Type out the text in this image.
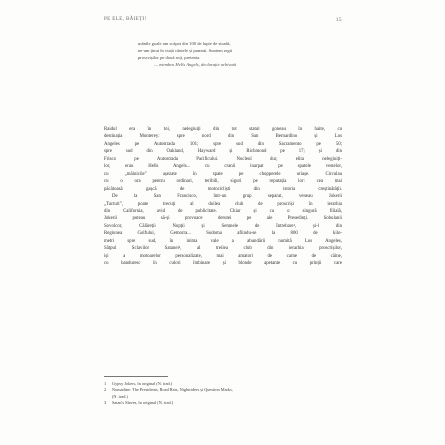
PE ELE, BĂIEȚI!	15
mânile goale am scăpat din 100 de lupte de stradă,
ne-am ținut în viață cântele și pumnii. Suntem regii
proscrișilor pe două roți, pretenia.
— membru Hells Angels, declarație arhivată
Raidul era în toi, nelegiuiți din tot statul goneau în haite, cu
destinația Monterey: spre nord din San Bernardino și Los
Angeles pe Autostrada 101; spre sud din Sacramento pe 50;
spre sud din Oakland, Hayward și Richmond pe 17; și din
Frisco pe Autostrada Pacificului. Nucleul dur, elita nelegiuiți-
lor, erau Hells Angels... cu cranii inarpat pe spatele vestelor,
cu „mâinicile” așezate în spate pe chopperele uriașe. Circulau
cu o ora pentru ordinari, teribili, siguri pe reputația lor: cea mai
păcătoasă gașcă de motocicliști din istoria creștinătății.
De la San Francisco, într-un grup separat, veneau Jokerii
„Tacturi”, poate trecuți al doilea club de proscriși în ierarhia
din California, avid de publicitate. Chiar și cu o singură filială,
Jokerii puteau să-și provoace derutei pe ale Presedinți. Sobolanii
Sovolcor, Călăreții Nopții și Semnele de Întrebare¹, și-l din
Regiunea Golfului, Gemorra... Sodoma afiindu-se la 800 de kilo-
metri spre sud, în inima vale a abundării numită Los Angeles,
Sâtpul Sclavilor Satanei², al treilea club din ierarhia proscrișilor,
iși a motoarelor personalizate, mai amatori de carne de câine,
cu banduresc în culori îmbinare și blonde apetante cu prinții care
1 Gypsy Jokers, în original (N. trad.)
2 Nomadine: The Presidents, Road Rats, Nightriders și Question Marks,
(N. trad.)
3 Satan's Slaves, în original (N. trad.)
